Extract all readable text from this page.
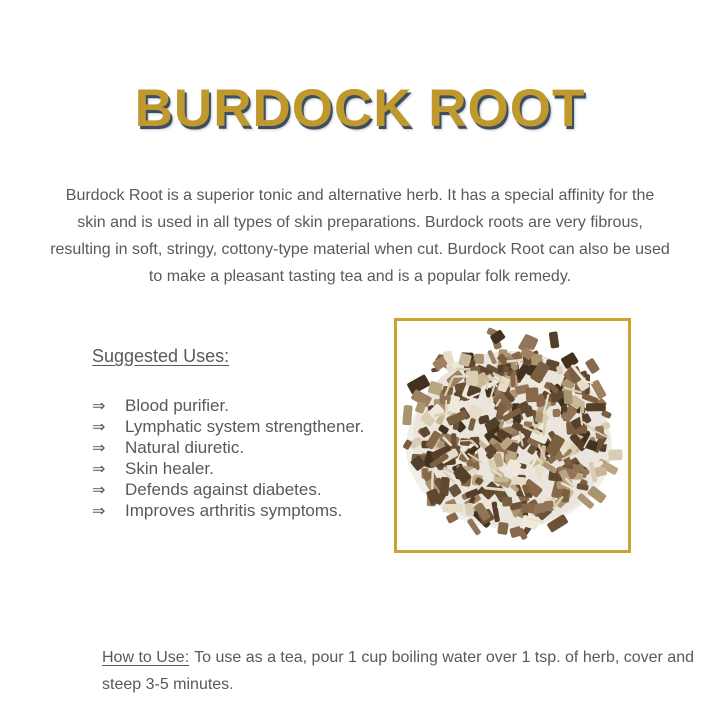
BURDOCK ROOT

Burdock Root is a superior tonic and alternative herb. It has a special affinity for the skin and is used in all types of skin preparations. Burdock roots are very fibrous, resulting in soft, stringy, cottony-type material when cut. Burdock Root can also be used to make a pleasant tasting tea and is a popular folk remedy.

Suggested Uses:
⇒	Blood purifier.
⇒	Lymphatic system strengthener.
⇒	Natural diuretic.
⇒	Skin healer.
⇒	Defends against diabetes.
⇒	Improves arthritis symptoms.

How to Use: To use as a tea, pour 1 cup boiling water over 1 tsp. of herb, cover and steep 3-5 minutes.
